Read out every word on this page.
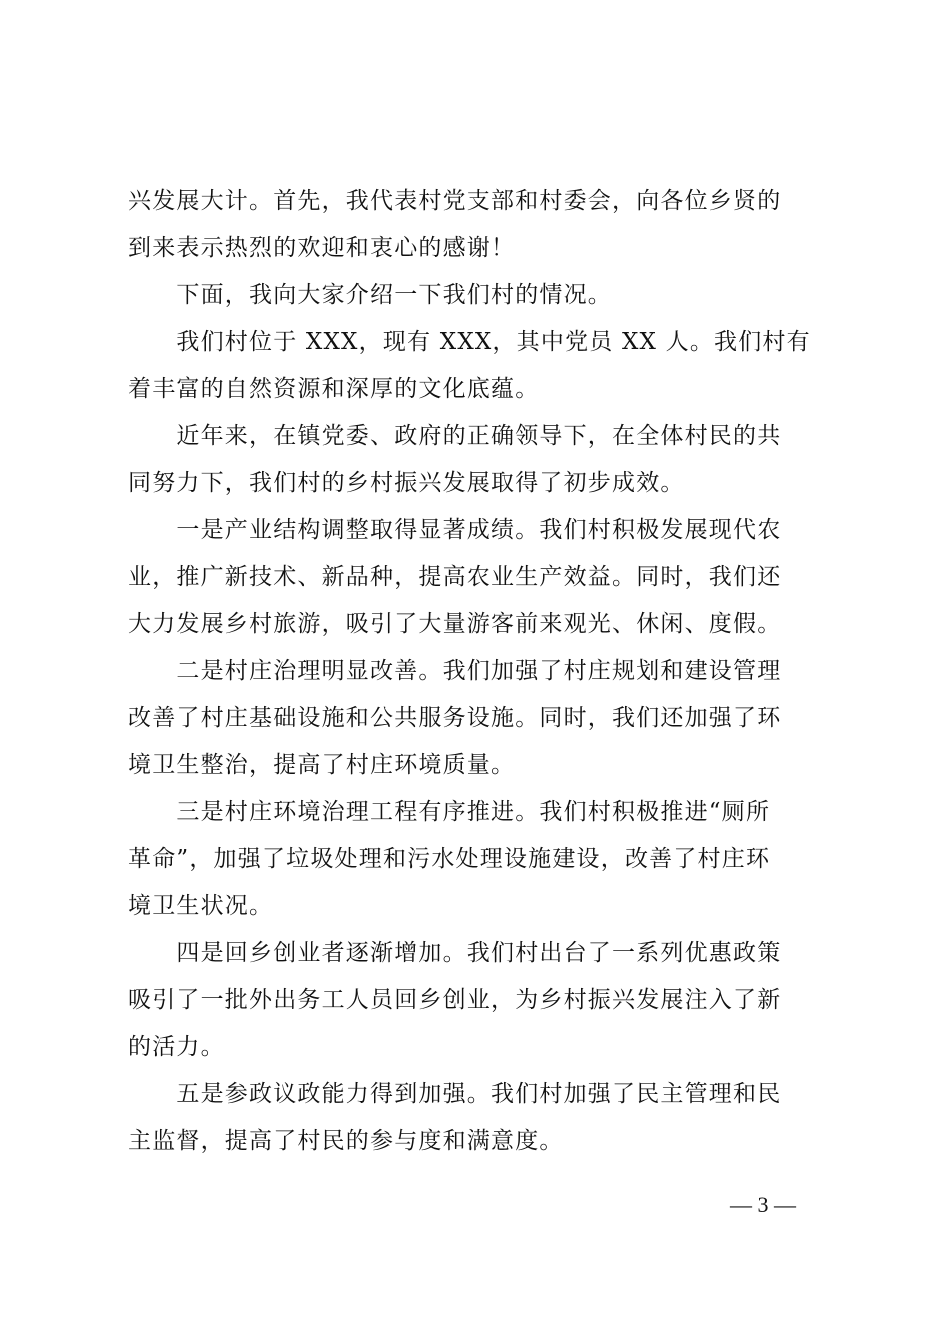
兴发展大计。首先，我代表村党支部和村委会，向各位乡贤的
到来表示热烈的欢迎和衷心的感谢！
　　下面，我向大家介绍一下我们村的情况。
　　我们村位于 XXX，现有 XXX，其中党员 XX 人。我们村有
着丰富的自然资源和深厚的文化底蕴。
　　近年来，在镇党委、政府的正确领导下，在全体村民的共
同努力下，我们村的乡村振兴发展取得了初步成效。
　　一是产业结构调整取得显著成绩。我们村积极发展现代农
业，推广新技术、新品种，提高农业生产效益。同时，我们还
大力发展乡村旅游，吸引了大量游客前来观光、休闲、度假。
　　二是村庄治理明显改善。我们加强了村庄规划和建设管理
改善了村庄基础设施和公共服务设施。同时，我们还加强了环
境卫生整治，提高了村庄环境质量。
　　三是村庄环境治理工程有序推进。我们村积极推进“厕所
革命”，加强了垃圾处理和污水处理设施建设，改善了村庄环
境卫生状况。
　　四是回乡创业者逐渐增加。我们村出台了一系列优惠政策
吸引了一批外出务工人员回乡创业，为乡村振兴发展注入了新
的活力。
　　五是参政议政能力得到加强。我们村加强了民主管理和民
主监督，提高了村民的参与度和满意度。
— 3 —
